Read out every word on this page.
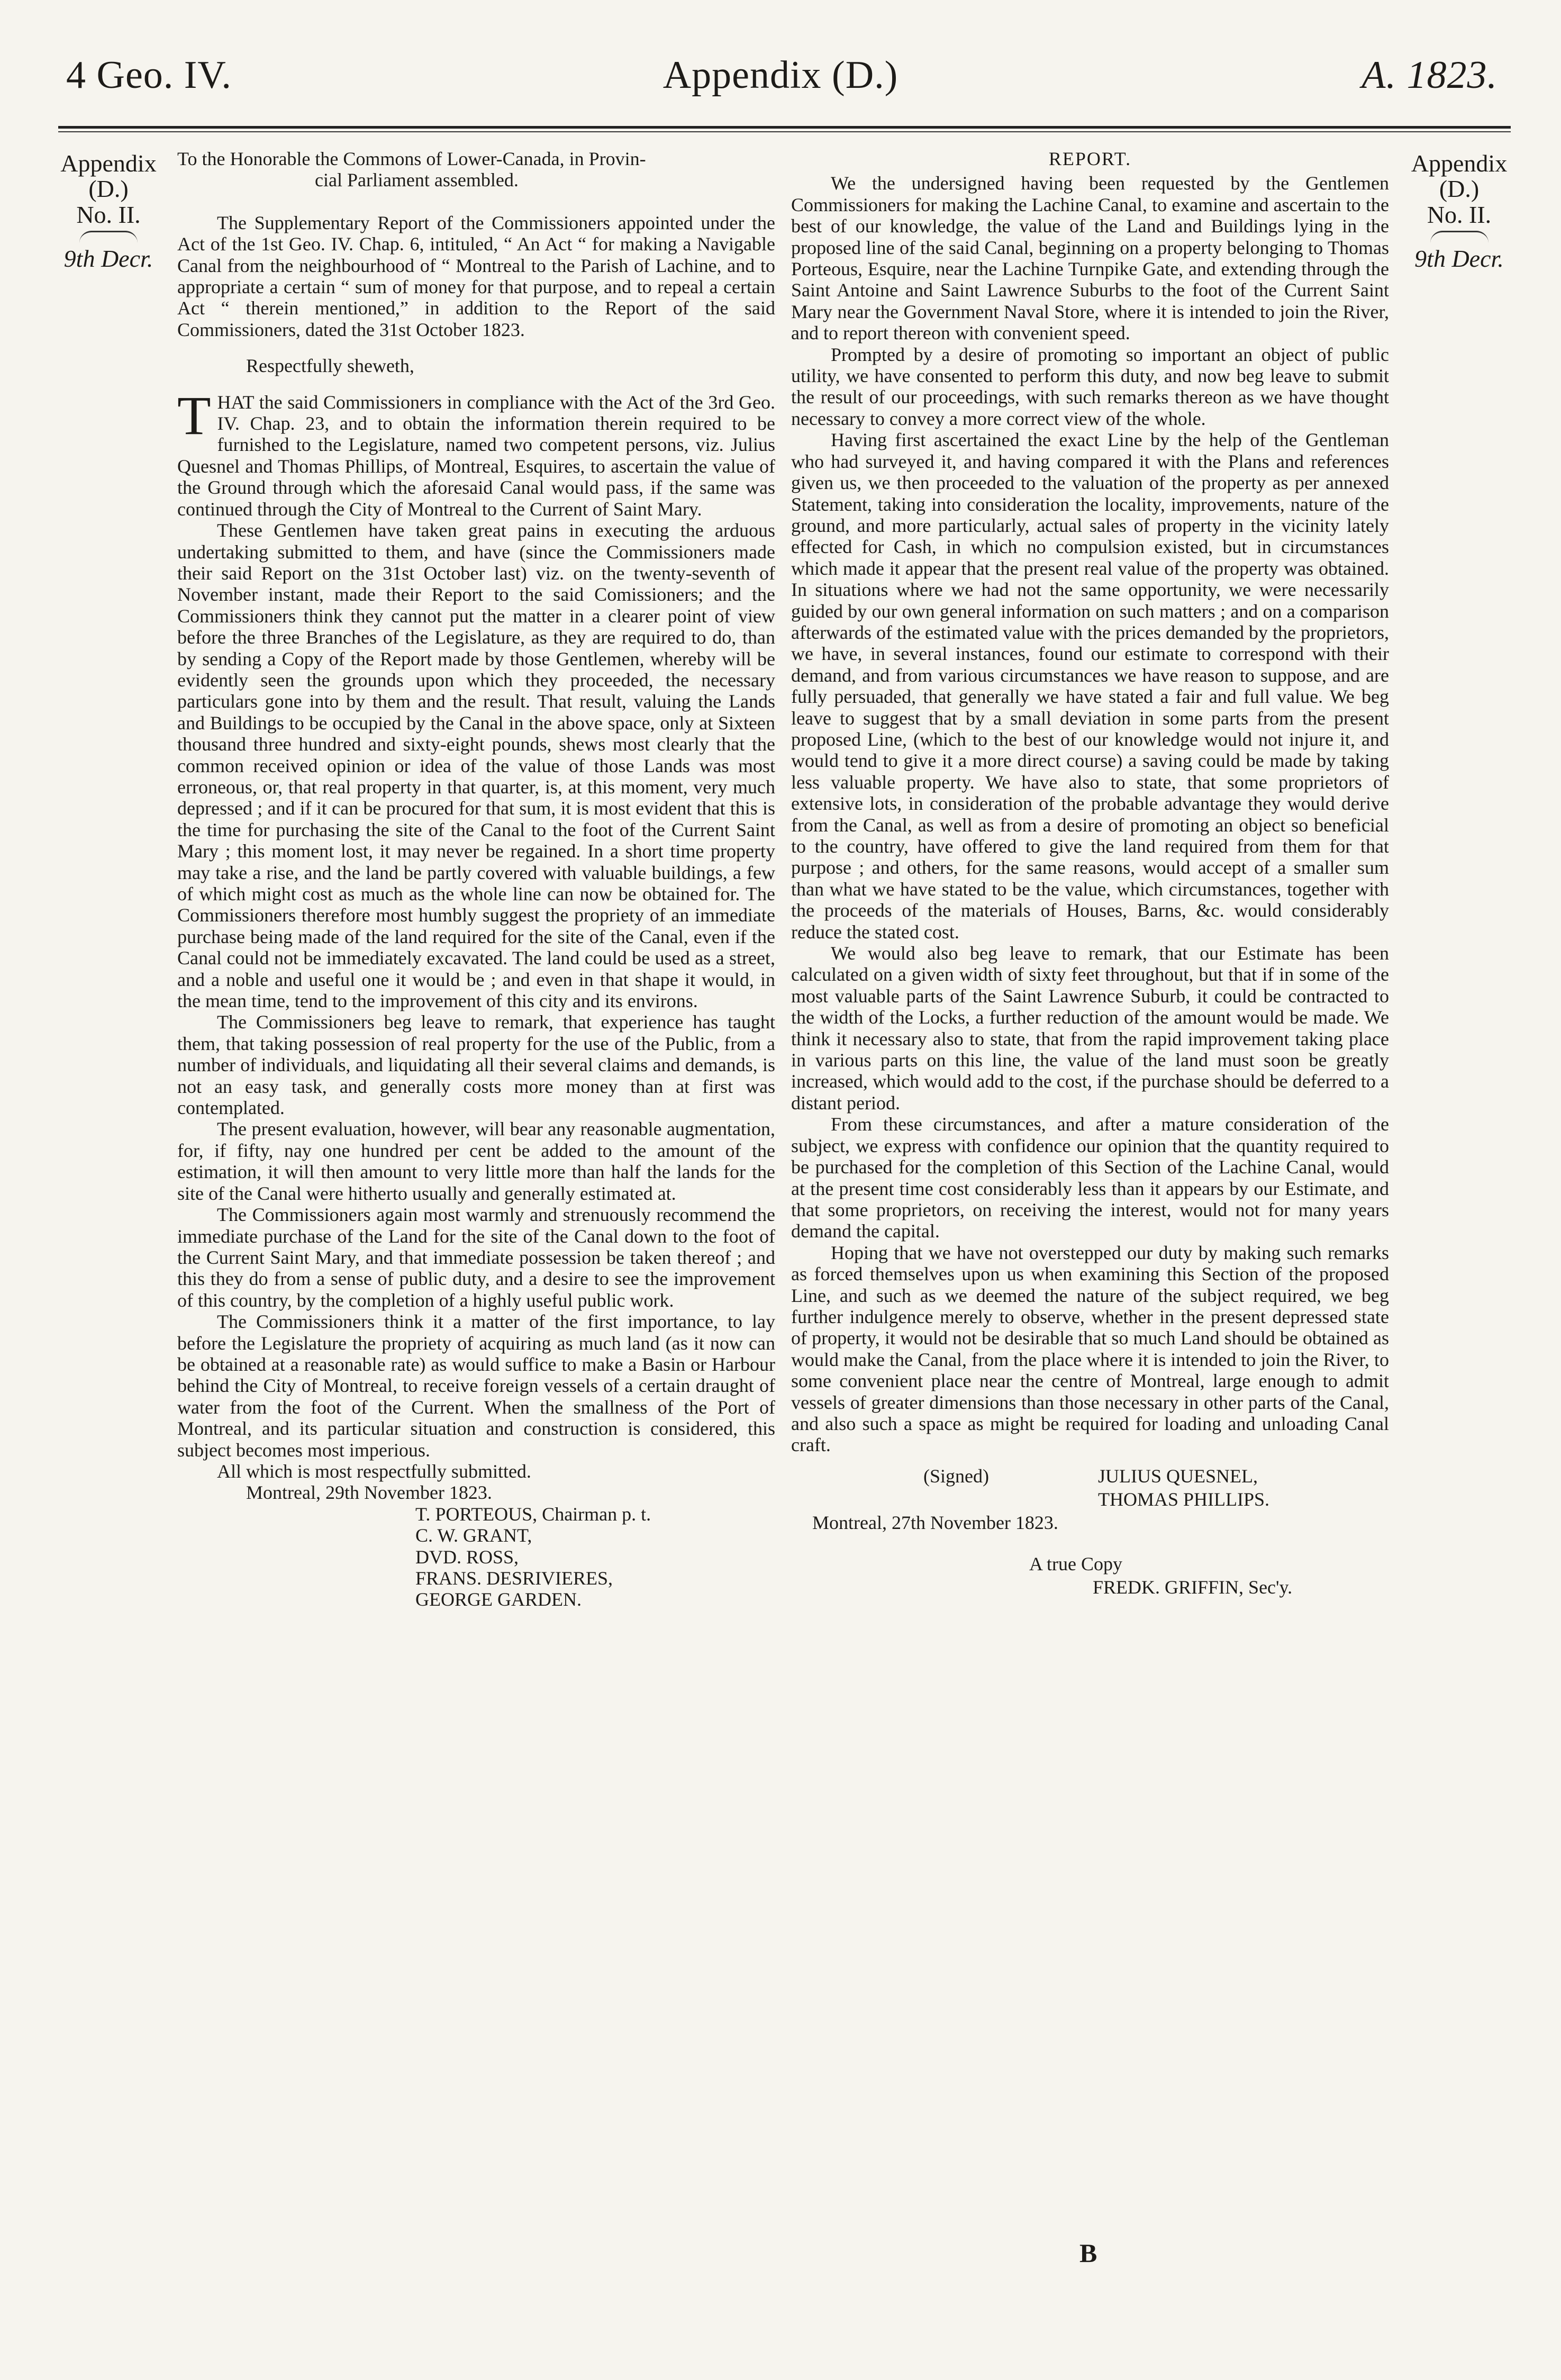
4 Geo. IV.	Appendix (D.)	A. 1823.
Appendix
(D.)
No. II.
9th Decr.
Appendix
(D.)
No. II.
9th Decr.

To the Honorable the Commons of Lower-Canada, in Provin-
cial Parliament assembled.

The Supplementary Report of the Commissioners appointed under the Act of the 1st Geo. IV. Chap. 6, intituled, “ An Act “ for making a Navigable Canal from the neighbourhood of “ Montreal to the Parish of Lachine, and to appropriate a certain “ sum of money for that purpose, and to repeal a certain Act “ therein mentioned,” in addition to the Report of the said Commissioners, dated the 31st October 1823.

Respectfully sheweth,

THAT the said Commissioners in compliance with the Act of the 3rd Geo. IV. Chap. 23, and to obtain the information therein required to be furnished to the Legislature, named two competent persons, viz. Julius Quesnel and Thomas Phillips, of Montreal, Esquires, to ascertain the value of the Ground through which the aforesaid Canal would pass, if the same was continued through the City of Montreal to the Current of Saint Mary.

These Gentlemen have taken great pains in executing the arduous undertaking submitted to them, and have (since the Commissioners made their said Report on the 31st October last) viz. on the twenty-seventh of November instant, made their Report to the said Comissioners; and the Commissioners think they cannot put the matter in a clearer point of view before the three Branches of the Legislature, as they are required to do, than by sending a Copy of the Report made by those Gentlemen, whereby will be evidently seen the grounds upon which they proceeded, the necessary particulars gone into by them and the result. That result, valuing the Lands and Buildings to be occupied by the Canal in the above space, only at Sixteen thousand three hundred and sixty-eight pounds, shews most clearly that the common received opinion or idea of the value of those Lands was most erroneous, or, that real property in that quarter, is, at this moment, very much depressed ; and if it can be procured for that sum, it is most evident that this is the time for purchasing the site of the Canal to the foot of the Current Saint Mary ; this moment lost, it may never be regained. In a short time property may take a rise, and the land be partly covered with valuable buildings, a few of which might cost as much as the whole line can now be obtained for. The Commissioners therefore most humbly suggest the propriety of an immediate purchase being made of the land required for the site of the Canal, even if the Canal could not be immediately excavated. The land could be used as a street, and a noble and useful one it would be ; and even in that shape it would, in the mean time, tend to the improvement of this city and its environs.

The Commissioners beg leave to remark, that experience has taught them, that taking possession of real property for the use of the Public, from a number of individuals, and liquidating all their several claims and demands, is not an easy task, and generally costs more money than at first was contemplated.

The present evaluation, however, will bear any reasonable augmentation, for, if fifty, nay one hundred per cent be added to the amount of the estimation, it will then amount to very little more than half the lands for the site of the Canal were hitherto usually and generally estimated at.

The Commissioners again most warmly and strenuously recommend the immediate purchase of the Land for the site of the Canal down to the foot of the Current Saint Mary, and that immediate possession be taken thereof ; and this they do from a sense of public duty, and a desire to see the improvement of this country, by the completion of a highly useful public work.

The Commissioners think it a matter of the first importance, to lay before the Legislature the propriety of acquiring as much land (as it now can be obtained at a reasonable rate) as would suffice to make a Basin or Harbour behind the City of Montreal, to receive foreign vessels of a certain draught of water from the foot of the Current. When the smallness of the Port of Montreal, and its particular situation and construction is considered, this subject becomes most imperious.

All which is most respectfully submitted.

Montreal, 29th November 1823.

T. PORTEOUS, Chairman p. t.
C. W. GRANT,
DVD. ROSS,
FRANS. DESRIVIERES,
GEORGE GARDEN.

REPORT.

We the undersigned having been requested by the Gentlemen Commissioners for making the Lachine Canal, to examine and ascertain to the best of our knowledge, the value of the Land and Buildings lying in the proposed line of the said Canal, beginning on a property belonging to Thomas Porteous, Esquire, near the Lachine Turnpike Gate, and extending through the Saint Antoine and Saint Lawrence Suburbs to the foot of the Current Saint Mary near the Government Naval Store, where it is intended to join the River, and to report thereon with convenient speed.

Prompted by a desire of promoting so important an object of public utility, we have consented to perform this duty, and now beg leave to submit the result of our proceedings, with such remarks thereon as we have thought necessary to convey a more correct view of the whole.

Having first ascertained the exact Line by the help of the Gentleman who had surveyed it, and having compared it with the Plans and references given us, we then proceeded to the valuation of the property as per annexed Statement, taking into consideration the locality, improvements, nature of the ground, and more particularly, actual sales of property in the vicinity lately effected for Cash, in which no compulsion existed, but in circumstances which made it appear that the present real value of the property was obtained. In situations where we had not the same opportunity, we were necessarily guided by our own general information on such matters ; and on a comparison afterwards of the estimated value with the prices demanded by the proprietors, we have, in several instances, found our estimate to correspond with their demand, and from various circumstances we have reason to suppose, and are fully persuaded, that generally we have stated a fair and full value. We beg leave to suggest that by a small deviation in some parts from the present proposed Line, (which to the best of our knowledge would not injure it, and would tend to give it a more direct course) a saving could be made by taking less valuable property. We have also to state, that some proprietors of extensive lots, in consideration of the probable advantage they would derive from the Canal, as well as from a desire of promoting an object so beneficial to the country, have offered to give the land required from them for that purpose ; and others, for the same reasons, would accept of a smaller sum than what we have stated to be the value, which circumstances, together with the proceeds of the materials of Houses, Barns, &c. would considerably reduce the stated cost.

We would also beg leave to remark, that our Estimate has been calculated on a given width of sixty feet throughout, but that if in some of the most valuable parts of the Saint Lawrence Suburb, it could be contracted to the width of the Locks, a further reduction of the amount would be made. We think it necessary also to state, that from the rapid improvement taking place in various parts on this line, the value of the land must soon be greatly increased, which would add to the cost, if the purchase should be deferred to a distant period.

From these circumstances, and after a mature consideration of the subject, we express with confidence our opinion that the quantity required to be purchased for the completion of this Section of the Lachine Canal, would at the present time cost considerably less than it appears by our Estimate, and that some proprietors, on receiving the interest, would not for many years demand the capital.

Hoping that we have not overstepped our duty by making such remarks as forced themselves upon us when examining this Section of the proposed Line, and such as we deemed the nature of the subject required, we beg further indulgence merely to observe, whether in the present depressed state of property, it would not be desirable that so much Land should be obtained as would make the Canal, from the place where it is intended to join the River, to some convenient place near the centre of Montreal, large enough to admit vessels of greater dimensions than those necessary in other parts of the Canal, and also such a space as might be required for loading and unloading Canal craft.

(Signed)	JULIUS QUESNEL,
THOMAS PHILLIPS.
Montreal, 27th November 1823.
A true Copy
FREDK. GRIFFIN, Sec'y.
B
